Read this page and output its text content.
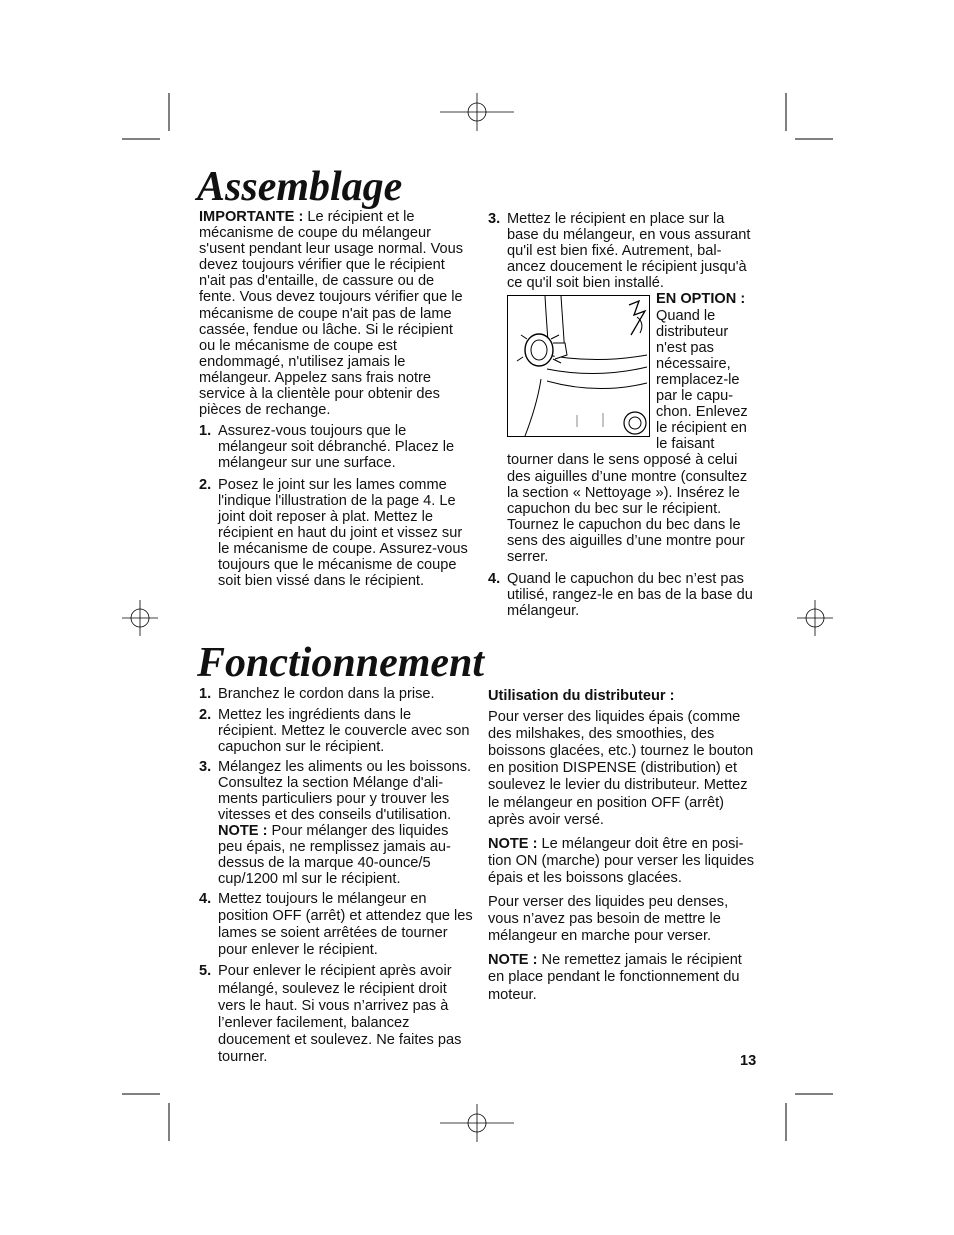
Assemblage

IMPORTANTE : Le récipient et le mécanisme de coupe du mélangeur s'usent pendant leur usage normal. Vous devez toujours vérifier que le récipient n'ait pas d'entaille, de cassure ou de fente. Vous devez toujours vérifier que le mécanisme de coupe n'ait pas de lame cassée, fendue ou lâche. Si le récipient ou le mécanisme de coupe est endommagé, n'utilisez jamais le mélangeur. Appelez sans frais notre service à la clientèle pour obtenir des pièces de rechange.

1. Assurez-vous toujours que le mélangeur soit débranché. Placez le mélangeur sur une surface.
2. Posez le joint sur les lames comme l'indique l'illustration de la page 4. Le joint doit reposer à plat. Mettez le récipient en haut du joint et vissez sur le mécanisme de coupe. Assurez-vous toujours que le mécanisme de coupe soit bien vissé dans le récipient.
3. Mettez le récipient en place sur la base du mélangeur, en vous assurant qu'il est bien fixé. Autrement, balancez doucement le récipient jusqu'à ce qu'il soit bien installé.

EN OPTION : Quand le distributeur n'est pas nécessaire, remplacez-le par le capuchon. Enlevez le récipient en le faisant tourner dans le sens opposé à celui des aiguilles d’une montre (consultez la section « Nettoyage »). Insérez le capuchon du bec sur le récipient. Tournez le capuchon du bec dans le sens des aiguilles d’une montre pour serrer.

4. Quand le capuchon du bec n’est pas utilisé, rangez-le en bas de la base du mélangeur.
Fonctionnement
1. Branchez le cordon dans la prise.
2. Mettez les ingrédients dans le récipient. Mettez le couvercle avec son capuchon sur le récipient.
3. Mélangez les aliments ou les boissons. Consultez la section Mélange d'aliments particuliers pour y trouver les vitesses et des conseils d'utilisation.
NOTE : Pour mélanger des liquides peu épais, ne remplissez jamais au-dessus de la marque 40-ounce/5 cup/1200 ml sur le récipient.
4. Mettez toujours le mélangeur en position OFF (arrêt) et attendez que les lames se soient arrêtées de tourner pour enlever le récipient.
5. Pour enlever le récipient après avoir mélangé, soulevez le récipient droit vers le haut. Si vous n’arrivez pas à l’enlever facilement, balancez doucement et soulevez. Ne faites pas tourner.

Utilisation du distributeur :

Pour verser des liquides épais (comme des milshakes, des smoothies, des boissons glacées, etc.) tournez le bouton en position DISPENSE (distribution) et soulevez le levier du distributeur. Mettez le mélangeur en position OFF (arrêt) après avoir versé.

NOTE : Le mélangeur doit être en position ON (marche) pour verser les liquides épais et les boissons glacées.

Pour verser des liquides peu denses, vous n’avez pas besoin de mettre le mélangeur en marche pour verser.

NOTE : Ne remettez jamais le récipient en place pendant le fonctionnement du moteur.

13
